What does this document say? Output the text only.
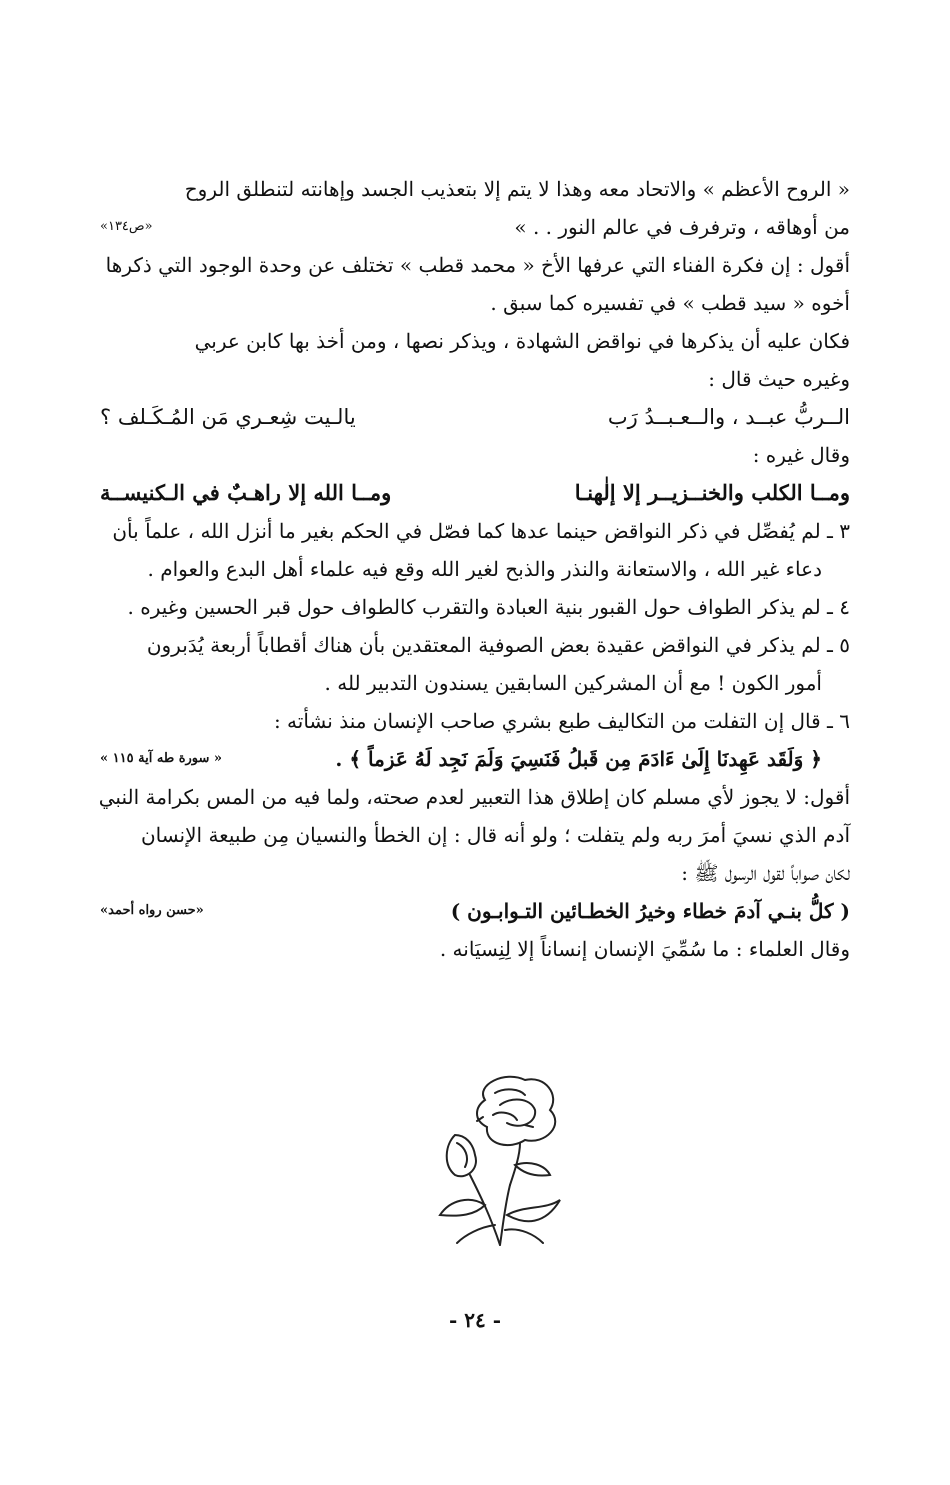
« الروح الأعظم » والاتحاد معه وهذا لا يتم إلا بتعذيب الجسد وإهانته لتنطلق الروح
من أوهاقه ، وترفرف في عالم النور . . »
«ص١٣٤»
أقول : إن فكرة الفناء التي عرفها الأخ « محمد قطب » تختلف عن وحدة الوجود التي ذكرها
أخوه « سيد قطب » في تفسيره كما سبق .
فكان عليه أن يذكرها في نواقض الشهادة ، ويذكر نصها ، ومن أخذ بها كابن عربي
وغيره حيث قال :
الــربُّ عبــد ، والــعـبــدُ رَب
يالـيت شِعـري مَن المُـكَـلف ؟
وقال غيره :
ومــا الكلب والخنــزيــر إلا إلٰهنـا
ومــا الله إلا راهـبٌ في الـكنيســة
٣ ـ لم يُفصِّل في ذكر النواقض حينما عدها كما فصّل في الحكم بغير ما أنزل الله ، علماً بأن
دعاء غير الله ، والاستعانة والنذر والذبح لغير الله وقع فيه علماء أهل البدع والعوام .
٤ ـ لم يذكر الطواف حول القبور بنية العبادة والتقرب كالطواف حول قبر الحسين وغيره .
٥ ـ لم يذكر في النواقض عقيدة بعض الصوفية المعتقدين بأن هناك أقطاباً أربعة يُدَبرون
أمور الكون ! مع أن المشركين السابقين يسندون التدبير لله .
٦ ـ قال إن التفلت من التكاليف طبع بشري صاحب الإنسان منذ نشأته :
﴿ وَلَقَد عَهِدنَا إِلَىٰ ءَادَمَ مِن قَبلُ فَنَسِيَ وَلَمَ نَجِد لَهُ عَزماً ﴾ .
« سورة طه آية ١١٥ »
أقول: لا يجوز لأي مسلم كان إطلاق هذا التعبير لعدم صحته، ولما فيه من المس بكرامة النبي
آدم الذي نسيَ أمرَ ربه ولم يتفلت ؛ ولو أنه قال : إن الخطأ والنسيان مِن طبيعة الإنسان
لكان صواباً لقول الرسول ﷺ :
( كلُّ بنـي آدمَ خطاء وخيرُ الخطـائين التـوابـون )
«حسن رواه أحمد»
وقال العلماء : ما سُمِّيَ الإنسان إنساناً إلا لِنِسيَانه .
- ٢٤ -
